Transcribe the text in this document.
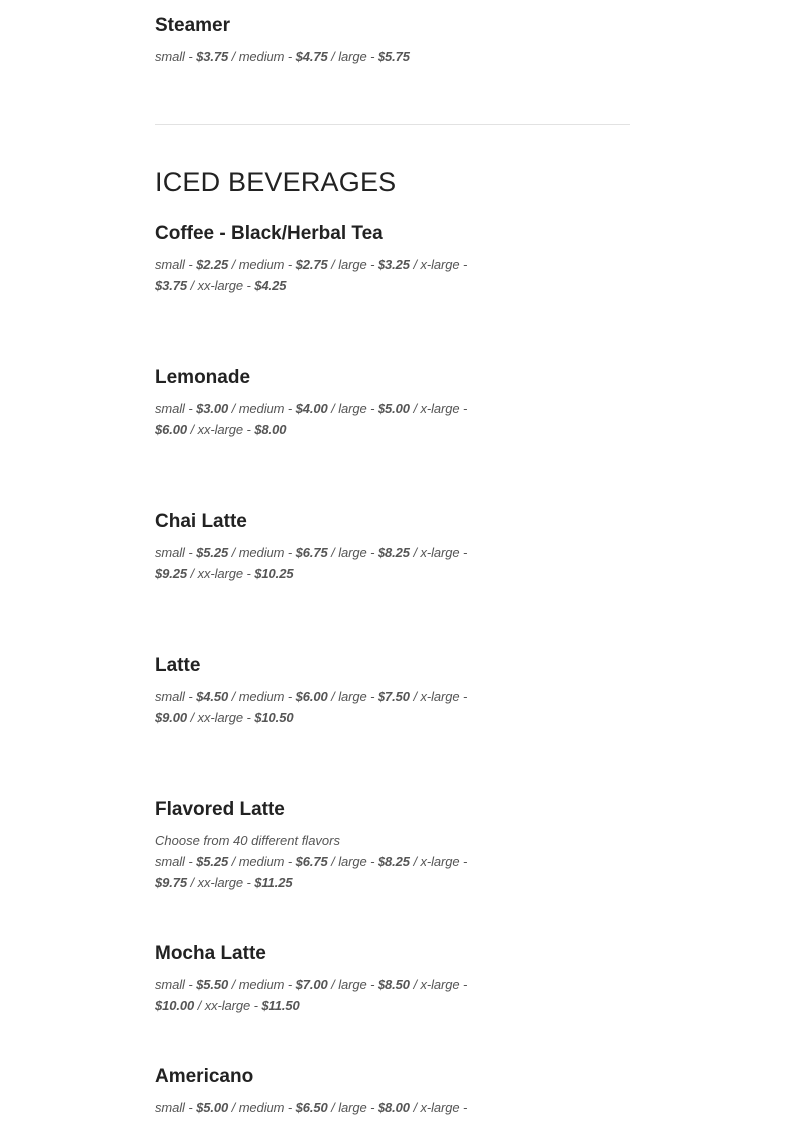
Steamer
small - $3.75 / medium - $4.75 / large - $5.75
ICED BEVERAGES
Coffee - Black/Herbal Tea
small - $2.25 / medium - $2.75 / large - $3.25 / x-large - $3.75 / xx-large - $4.25
Lemonade
small - $3.00 / medium - $4.00 / large - $5.00 / x-large - $6.00 / xx-large - $8.00
Chai Latte
small - $5.25 / medium - $6.75 / large - $8.25 / x-large - $9.25 / xx-large - $10.25
Latte
small - $4.50 / medium - $6.00 / large - $7.50 / x-large - $9.00 / xx-large - $10.50
Flavored Latte
Choose from 40 different flavors
small - $5.25 / medium - $6.75 / large - $8.25 / x-large - $9.75 / xx-large - $11.25
Mocha Latte
small - $5.50 / medium - $7.00 / large - $8.50 / x-large - $10.00 / xx-large - $11.50
Americano
small - $5.00 / medium - $6.50 / large - $8.00 / x-large -
